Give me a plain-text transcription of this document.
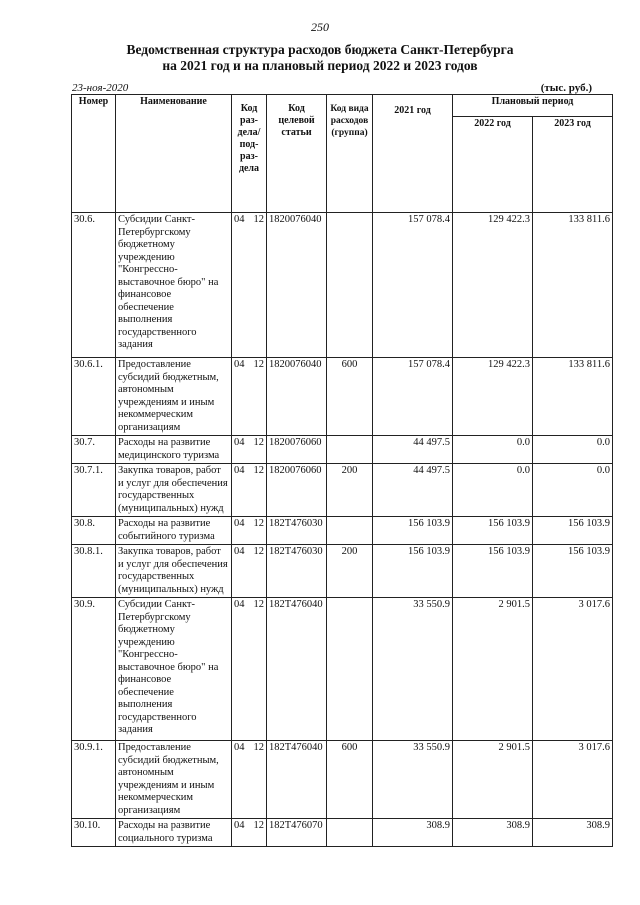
250
Ведомственная структура расходов бюджета Санкт-Петербурга
на 2021 год и на плановый период 2022 и 2023 годов
23-ноя-2020	(тыс. руб.)
Номер	Наименование	Код раз- дела/ под- раз- дела	Код целевой статьи	Код вида расходов (группа)	2021 год	Плановый период	
						2022 год	2023 год
30.6.	Субсидии Санкт-Петербургскому бюджетному учреждению "Конгрессно-выставочное бюро" на финансовое обеспечение выполнения государственного задания	04 12	1820076040		157 078.4	129 422.3	133 811.6
30.6.1.	Предоставление субсидий бюджетным, автономным учреждениям и иным некоммерческим организациям	04 12	1820076040	600	157 078.4	129 422.3	133 811.6
30.7.	Расходы на развитие медицинского туризма	04 12	1820076060		44 497.5	0.0	0.0
30.7.1.	Закупка товаров, работ и услуг для обеспечения государственных (муниципальных) нужд	04 12	1820076060	200	44 497.5	0.0	0.0
30.8.	Расходы на развитие событийного туризма	04 12	182T476030		156 103.9	156 103.9	156 103.9
30.8.1.	Закупка товаров, работ и услуг для обеспечения государственных (муниципальных) нужд	04 12	182T476030	200	156 103.9	156 103.9	156 103.9
30.9.	Субсидии Санкт-Петербургскому бюджетному учреждению "Конгрессно-выставочное бюро" на финансовое обеспечение выполнения государственного задания	04 12	182T476040		33 550.9	2 901.5	3 017.6
30.9.1.	Предоставление субсидий бюджетным, автономным учреждениям и иным некоммерческим организациям	04 12	182T476040	600	33 550.9	2 901.5	3 017.6
30.10.	Расходы на развитие социального туризма	04 12	182T476070		308.9	308.9	308.9
